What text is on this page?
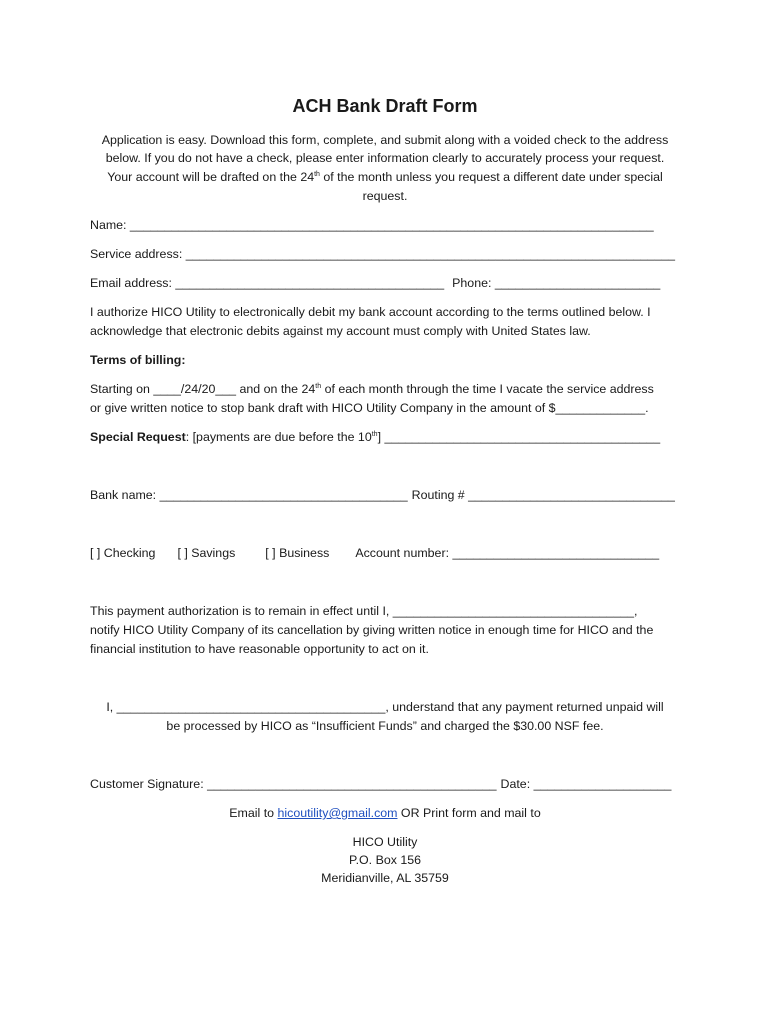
ACH Bank Draft Form
Application is easy. Download this form, complete, and submit along with a voided check to the address
below. If you do not have a check, please enter information clearly to accurately process your request.
Your account will be drafted on the 24th of the month unless you request a different date under special
request.
Name: ____________________________________________________________________________
Service address: _______________________________________________________________________
Email address: _______________________________________ Phone: ________________________
I authorize HICO Utility to electronically debit my bank account according to the terms outlined below. I
acknowledge that electronic debits against my account must comply with United States law.
Terms of billing:
Starting on ____/24/20___ and on the 24th of each month through the time I vacate the service address
or give written notice to stop bank draft with HICO Utility Company in the amount of $_____________.
Special Request: [payments are due before the 10th] ________________________________________
Bank name: ____________________________________ Routing # ______________________________
[ ] Checking [ ] Savings [ ] Business Account number: ______________________________
This payment authorization is to remain in effect until I, ___________________________________,
notify HICO Utility Company of its cancellation by giving written notice in enough time for HICO and the
financial institution to have reasonable opportunity to act on it.
I, _______________________________________, understand that any payment returned unpaid will
be processed by HICO as “Insufficient Funds” and charged the $30.00 NSF fee.
Customer Signature: __________________________________________ Date: ____________________
Email to hicoutility@gmail.com OR Print form and mail to
HICO Utility
P.O. Box 156
Meridianville, AL 35759
